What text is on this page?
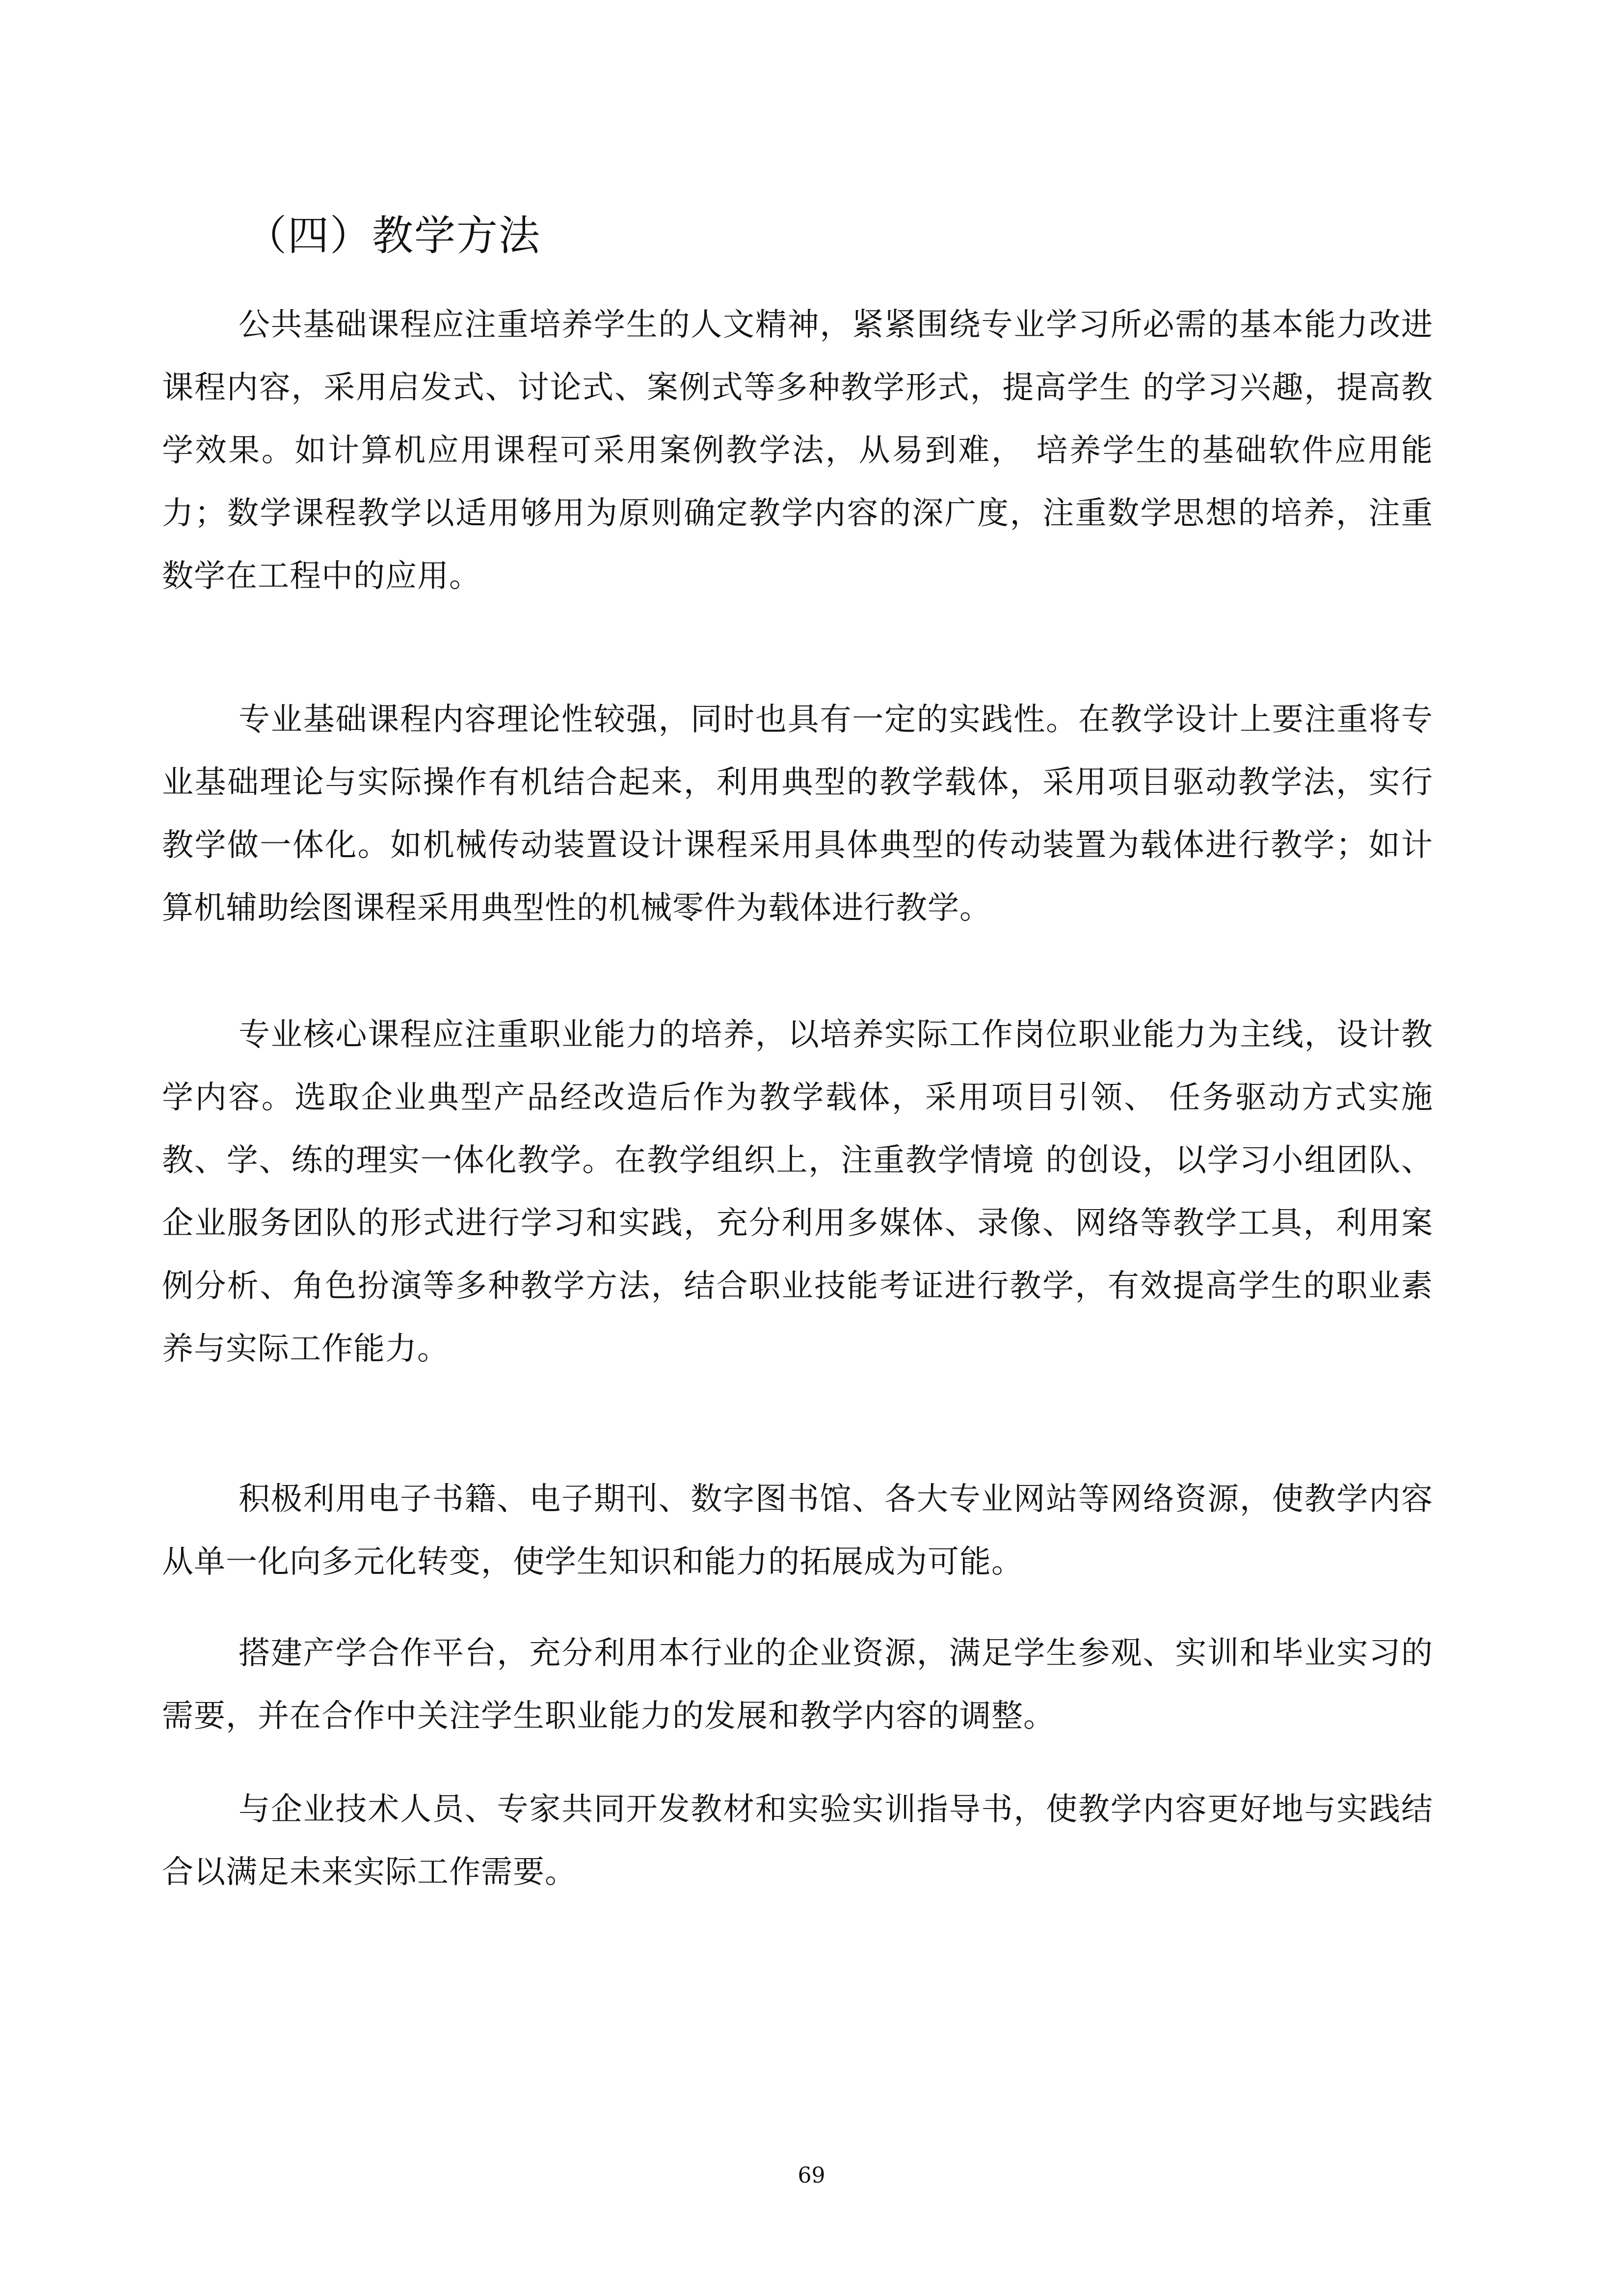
（四）教学方法

公共基础课程应注重培养学生的人文精神，紧紧围绕专业学习所必需的基本能力改进课程内容，采用启发式、讨论式、案例式等多种教学形式，提高学生 的学习兴趣，提高教学效果。如计算机应用课程可采用案例教学法，从易到难， 培养学生的基础软件应用能力；数学课程教学以适用够用为原则确定教学内容的深广度，注重数学思想的培养，注重数学在工程中的应用。

专业基础课程内容理论性较强，同时也具有一定的实践性。在教学设计上要注重将专业基础理论与实际操作有机结合起来，利用典型的教学载体，采用项目驱动教学法，实行教学做一体化。如机械传动装置设计课程采用具体典型的传动装置为载体进行教学；如计算机辅助绘图课程采用典型性的机械零件为载体进行教学。

专业核心课程应注重职业能力的培养，以培养实际工作岗位职业能力为主线，设计教学内容。选取企业典型产品经改造后作为教学载体，采用项目引领、 任务驱动方式实施教、学、练的理实一体化教学。在教学组织上，注重教学情境 的创设，以学习小组团队、企业服务团队的形式进行学习和实践，充分利用多媒体、录像、网络等教学工具，利用案例分析、角色扮演等多种教学方法，结合职业技能考证进行教学，有效提高学生的职业素养与实际工作能力。

积极利用电子书籍、电子期刊、数字图书馆、各大专业网站等网络资源，使教学内容从单一化向多元化转变，使学生知识和能力的拓展成为可能。

搭建产学合作平台，充分利用本行业的企业资源，满足学生参观、实训和毕业实习的需要，并在合作中关注学生职业能力的发展和教学内容的调整。

与企业技术人员、专家共同开发教材和实验实训指导书，使教学内容更好地与实践结合以满足未来实际工作需要。

69
